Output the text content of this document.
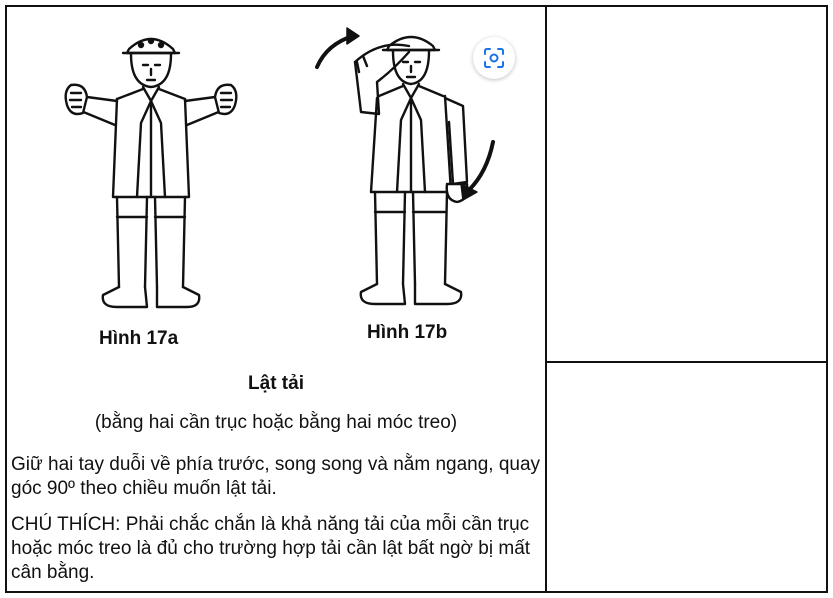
Hình 17a	Hình 17b
Lật tải
(bằng hai cần trục hoặc bằng hai móc treo)
Giữ hai tay duỗi về phía trước, song song và nằm ngang, quay góc 90º theo chiều muốn lật tải.
CHÚ THÍCH: Phải chắc chắn là khả năng tải của mỗi cần trục hoặc móc treo là đủ cho trường hợp tải cần lật bất ngờ bị mất cân bằng.
